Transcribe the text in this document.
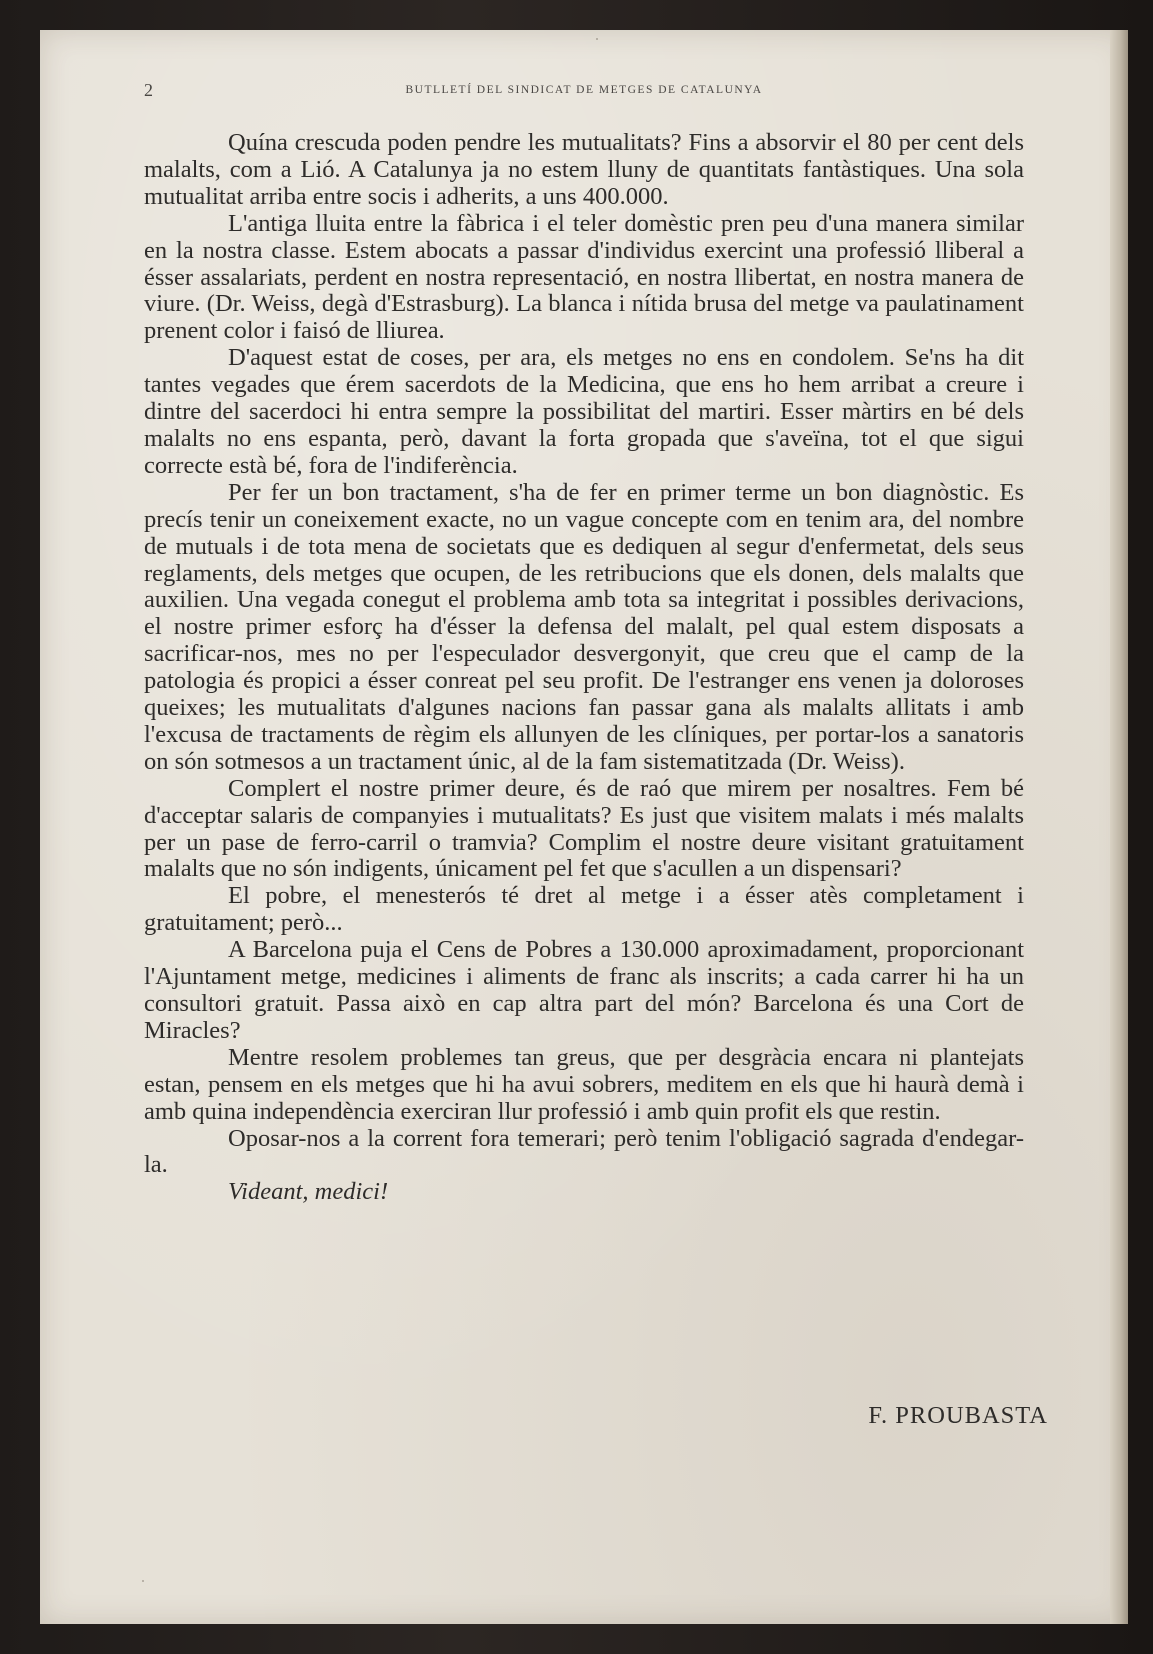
2	BUTLLETÍ DEL SINDICAT DE METGES DE CATALUNYA

Quína crescuda poden pendre les mutualitats? Fins a absorvir el 80 per cent dels malalts, com a Lió. A Catalunya ja no estem lluny de quantitats fantàstiques. Una sola mutualitat arriba entre socis i adherits, a uns 400.000.

L'antiga lluita entre la fàbrica i el teler domèstic pren peu d'una manera similar en la nostra classe. Estem abocats a passar d'individus exercint una professió lliberal a ésser assalariats, perdent en nostra representació, en nostra llibertat, en nostra manera de viure. (Dr. Weiss, degà d'Estrasburg). La blanca i nítida brusa del metge va paulatinament prenent color i faisó de lliurea.

D'aquest estat de coses, per ara, els metges no ens en condolem. Se'ns ha dit tantes vegades que érem sacerdots de la Medicina, que ens ho hem arribat a creure i dintre del sacerdoci hi entra sempre la possibilitat del martiri. Esser màrtirs en bé dels malalts no ens espanta, però, davant la forta gropada que s'aveïna, tot el que sigui correcte està bé, fora de l'indiferència.

Per fer un bon tractament, s'ha de fer en primer terme un bon diagnòstic. Es precís tenir un coneixement exacte, no un vague concepte com en tenim ara, del nombre de mutuals i de tota mena de societats que es dediquen al segur d'enfermetat, dels seus reglaments, dels metges que ocupen, de les retribucions que els donen, dels malalts que auxilien. Una vegada conegut el problema amb tota sa integritat i possibles derivacions, el nostre primer esforç ha d'ésser la defensa del malalt, pel qual estem disposats a sacrificar-nos, mes no per l'especulador desvergonyit, que creu que el camp de la patologia és propici a ésser conreat pel seu profit. De l'estranger ens venen ja doloroses queixes; les mutualitats d'algunes nacions fan passar gana als malalts allitats i amb l'excusa de tractaments de règim els allunyen de les clíniques, per portar-los a sanatoris on són sotmesos a un tractament únic, al de la fam sistematitzada (Dr. Weiss).

Complert el nostre primer deure, és de raó que mirem per nosaltres. Fem bé d'acceptar salaris de companyies i mutualitats? Es just que visitem malats i més malalts per un pase de ferro-carril o tramvia? Complim el nostre deure visitant gratuitament malalts que no són indigents, únicament pel fet que s'acullen a un dispensari?

El pobre, el menesterós té dret al metge i a ésser atès completament i gratuitament; però...

A Barcelona puja el Cens de Pobres a 130.000 aproximadament, proporcionant l'Ajuntament metge, medicines i aliments de franc als inscrits; a cada carrer hi ha un consultori gratuit. Passa això en cap altra part del món? Barcelona és una Cort de Miracles?

Mentre resolem problemes tan greus, que per desgràcia encara ni plantejats estan, pensem en els metges que hi ha avui sobrers, meditem en els que hi haurà demà i amb quina independència exerciran llur professió i amb quin profit els que restin.

Oposar-nos a la corrent fora temerari; però tenim l'obligació sagrada d'endegar-la.

Videant, medici!

F. PROUBASTA
